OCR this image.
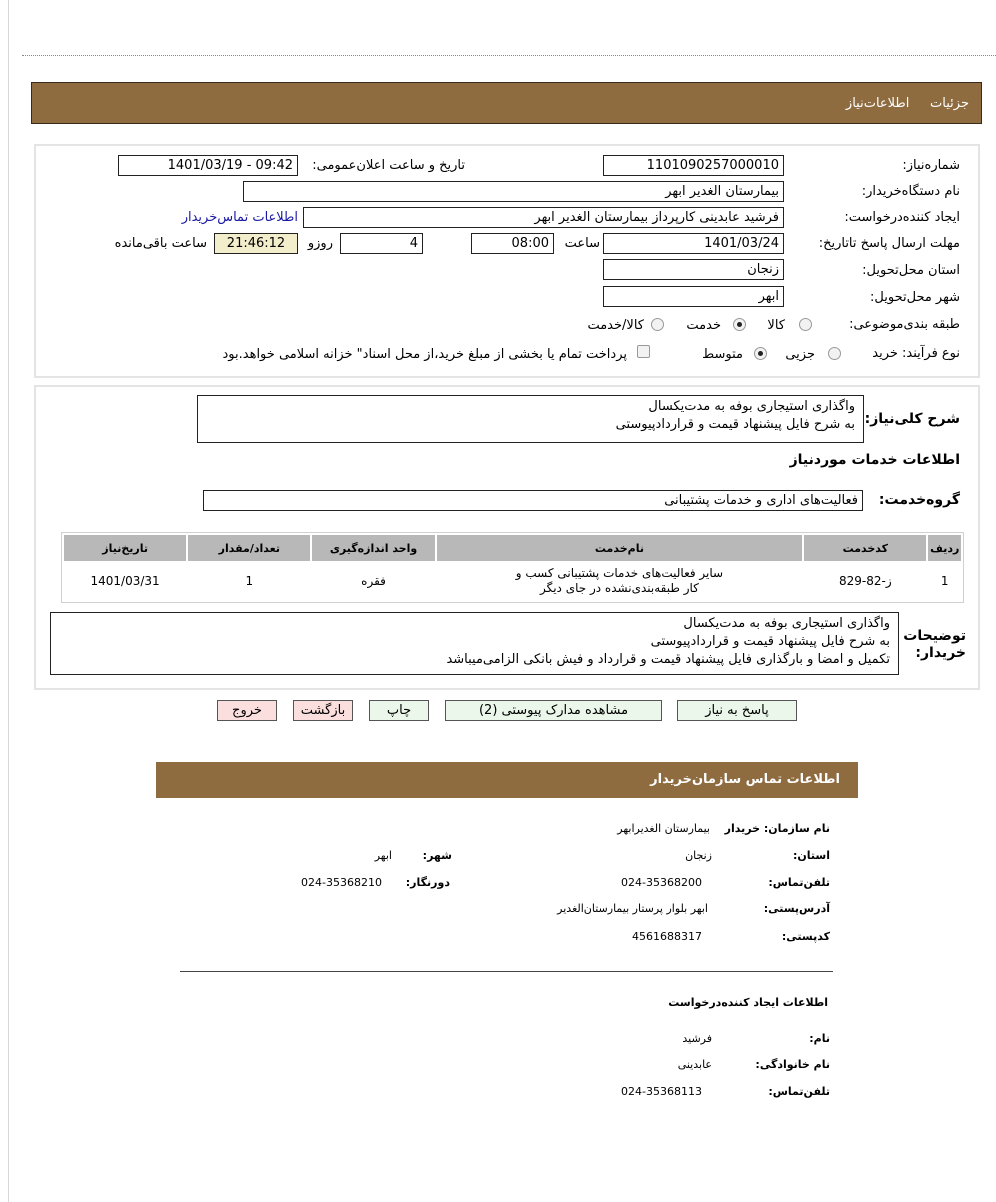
جزئیات     اطلاعات‌نیاز
شماره‌نیاز:
1101090257000010
تاریخ و ساعت اعلان‌عمومی:
1401/03/19 - 09:42
نام دستگاه‌خریدار:
بیمارستان الغدیر ابهر
ایجاد کننده‌درخواست:
فرشید عابدینی کارپرداز بیمارستان الغدیر ابهر
اطلاعات تماس‌خریدار
مهلت ارسال پاسخ تا‌تاریخ:
1401/03/24
ساعت
08:00
4
روزو
21:46:12
ساعت باقی‌مانده
استان محل‌تحویل:
زنجان
شهر محل‌تحویل:
ابهر
طبقه بندی‌موضوعی:
کالا
خدمت
کالا/خدمت
نوع فرآیند: خرید
جزیی
متوسط
پرداخت تمام یا بخشی از مبلغ خرید،از محل اسناد" خزانه اسلامی خواهد.بود
شرح کلی‌نیاز:
واگذاری استیجاری بوفه به مدت‌یکسال
به شرح فایل پیشنهاد قیمت و قراردادپیوستی
اطلاعات خدمات موردنیاز
گروه‌خدمت:
فعالیت‌های اداری و خدمات پشتیبانی
ردیف	کدخدمت	نام‌خدمت	واحد اندازه‌گیری	تعداد/مقدار	تاریخ‌نیاز
1	ز-82-829	سایر فعالیت‌های خدمات پشتیبانی کسب و
کار طبقه‌بندی‌نشده در جای دیگر	فقره	1	1401/03/31
توضیحات خریدار:
واگذاری استیجاری بوفه به مدت‌یکسال
به شرح فایل پیشنهاد قیمت و قراردادپیوستی
تکمیل و امضا و بارگذاری فایل پیشنهاد قیمت و قرارداد و فیش بانکی الزامی‌میباشد
پاسخ به نیاز
مشاهده مدارک پیوستی (2)
چاپ
بازگشت
خروج
اطلاعات تماس سازمان‌خریدار
نام سازمان‌: خریدار
بیمارستان الغدیرابهر
استان:
زنجان
شهر:
ابهر
تلفن‌تماس:
024-35368200
دورنگار:
024-35368210
آدرس‌پستی:
ابهر بلوار پرستار بیمارستان‌الغدیر
کد‌پستی:
4561688317
اطلاعات ایجاد کننده‌درخواست
نام:
فرشید
نام خانوادگی:
عابدینی
تلفن‌تماس:
024-35368113
